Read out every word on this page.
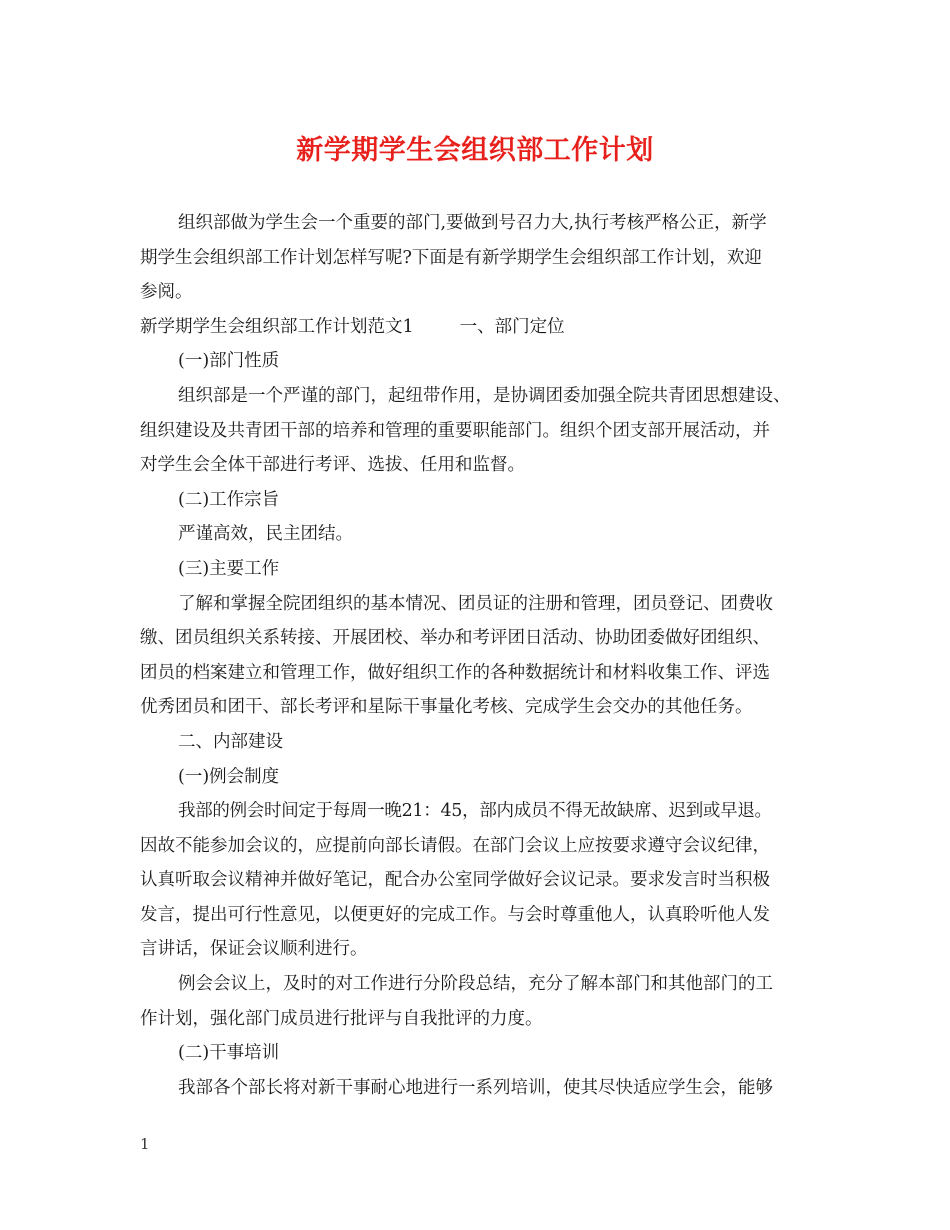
新学期学生会组织部工作计划

组织部做为学生会一个重要的部门,要做到号召力大,执行考核严格公正，新学

期学生会组织部工作计划怎样写呢?下面是有新学期学生会组织部工作计划，欢迎

参阅。

新学期学生会组织部工作计划范文1	一、部门定位

(一)部门性质

组织部是一个严谨的部门，起纽带作用，是协调团委加强全院共青团思想建设、

组织建设及共青团干部的培养和管理的重要职能部门。组织个团支部开展活动，并

对学生会全体干部进行考评、选拔、任用和监督。

(二)工作宗旨

严谨高效，民主团结。

(三)主要工作

了解和掌握全院团组织的基本情况、团员证的注册和管理，团员登记、团费收

缴、团员组织关系转接、开展团校、举办和考评团日活动、协助团委做好团组织、

团员的档案建立和管理工作，做好组织工作的各种数据统计和材料收集工作、评选

优秀团员和团干、部长考评和星际干事量化考核、完成学生会交办的其他任务。

二、内部建设

(一)例会制度

我部的例会时间定于每周一晚21：45，部内成员不得无故缺席、迟到或早退。

因故不能参加会议的，应提前向部长请假。在部门会议上应按要求遵守会议纪律，

认真听取会议精神并做好笔记，配合办公室同学做好会议记录。要求发言时当积极

发言，提出可行性意见，以便更好的完成工作。与会时尊重他人，认真聆听他人发

言讲话，保证会议顺利进行。

例会会议上，及时的对工作进行分阶段总结，充分了解本部门和其他部门的工

作计划，强化部门成员进行批评与自我批评的力度。

(二)干事培训

我部各个部长将对新干事耐心地进行一系列培训，使其尽快适应学生会，能够

1
